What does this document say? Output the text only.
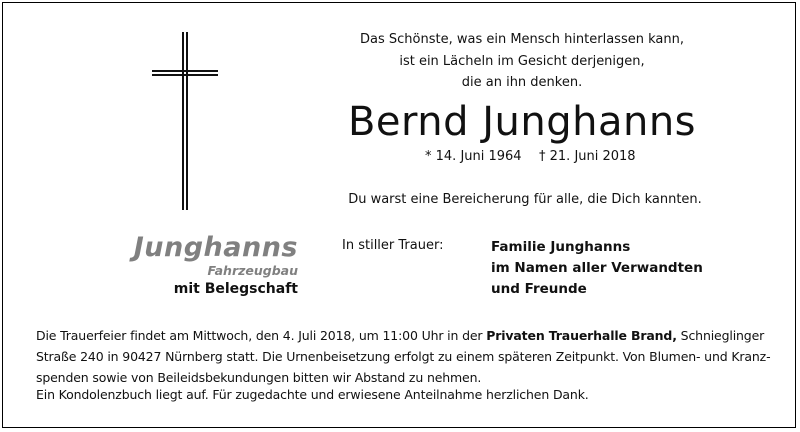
Das Schönste, was ein Mensch hinterlassen kann,
ist ein Lächeln im Gesicht derjenigen,
die an ihn denken.
Bernd Junghanns
* 14. Juni 1964 † 21. Juni 2018
Du warst eine Bereicherung für alle, die Dich kannten.
Junghanns
Fahrzeugbau
mit Belegschaft
In stiller Trauer:	Familie Junghanns
im Namen aller Verwandten
und Freunde
Die Trauerfeier findet am Mittwoch, den 4. Juli 2018, um 11:00 Uhr in der Privaten Trauerhalle Brand, Schnieglinger
Straße 240 in 90427 Nürnberg statt. Die Urnenbeisetzung erfolgt zu einem späteren Zeitpunkt. Von Blumen- und Kranz-
spenden sowie von Beileidsbekundungen bitten wir Abstand zu nehmen.
Ein Kondolenzbuch liegt auf. Für zugedachte und erwiesene Anteilnahme herzlichen Dank.
